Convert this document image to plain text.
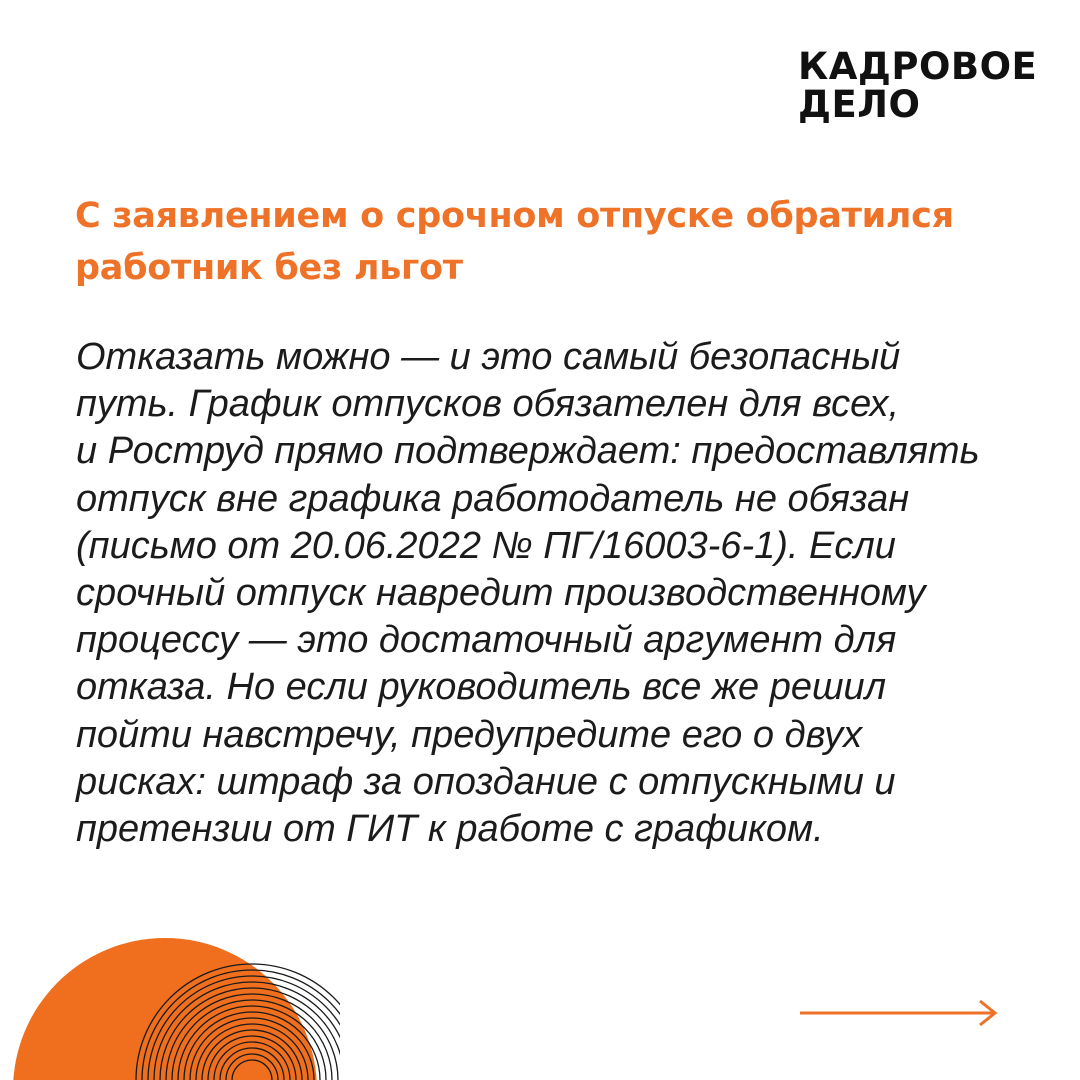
КАДРОВОЕ
ДЕЛО
С заявлением о срочном отпуске обратился
работник без льгот
Отказать можно — и это самый безопасный
путь. График отпусков обязателен для всех,
и Роструд прямо подтверждает: предоставлять
отпуск вне графика работодатель не обязан
(письмо от 20.06.2022 № ПГ/16003-6-1). Если
срочный отпуск навредит производственному
процессу — это достаточный аргумент для
отказа. Но если руководитель все же решил
пойти навстречу, предупредите его о двух
рисках: штраф за опоздание с отпускными и
претензии от ГИТ к работе с графиком.
